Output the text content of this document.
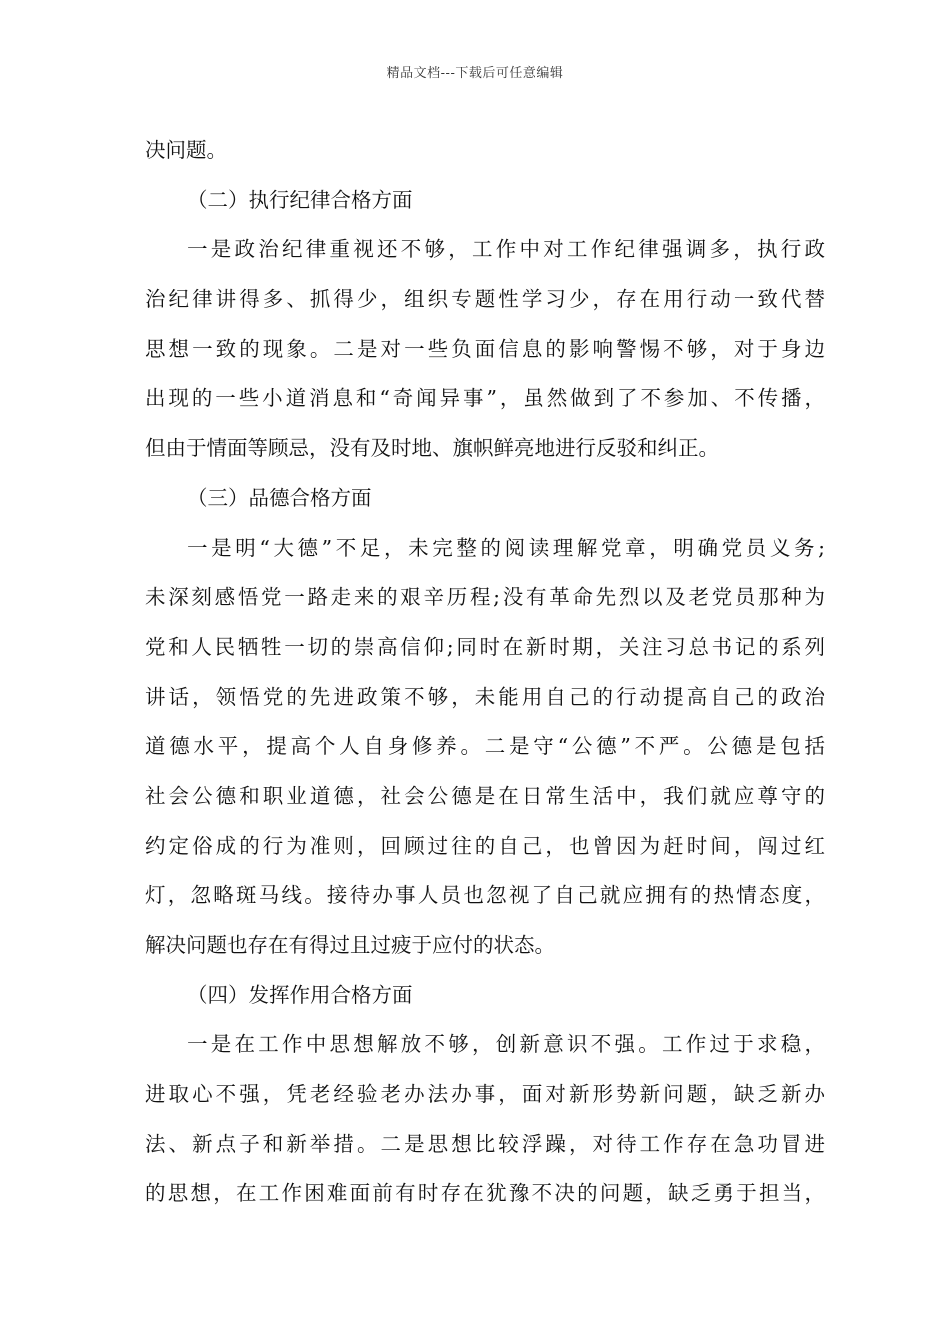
精品文档---下载后可任意编辑
决问题。
（二）执行纪律合格方面
一是政治纪律重视还不够，工作中对工作纪律强调多，执行政
治纪律讲得多、抓得少，组织专题性学习少，存在用行动一致代替
思想一致的现象。二是对一些负面信息的影响警惕不够，对于身边
出现的一些小道消息和“奇闻异事”，虽然做到了不参加、不传播，
但由于情面等顾忌，没有及时地、旗帜鲜亮地进行反驳和纠正。
（三）品德合格方面
一是明“大德”不足，未完整的阅读理解党章，明确党员义务;
未深刻感悟党一路走来的艰辛历程;没有革命先烈以及老党员那种为
党和人民牺牲一切的崇高信仰;同时在新时期，关注习总书记的系列
讲话，领悟党的先进政策不够，未能用自己的行动提高自己的政治
道德水平，提高个人自身修养。二是守“公德”不严。公德是包括
社会公德和职业道德，社会公德是在日常生活中，我们就应尊守的
约定俗成的行为准则，回顾过往的自己，也曾因为赶时间，闯过红
灯，忽略斑马线。接待办事人员也忽视了自己就应拥有的热情态度，
解决问题也存在有得过且过疲于应付的状态。
（四）发挥作用合格方面
一是在工作中思想解放不够，创新意识不强。工作过于求稳，
进取心不强，凭老经验老办法办事，面对新形势新问题，缺乏新办
法、新点子和新举措。二是思想比较浮躁，对待工作存在急功冒进
的思想，在工作困难面前有时存在犹豫不决的问题，缺乏勇于担当，
